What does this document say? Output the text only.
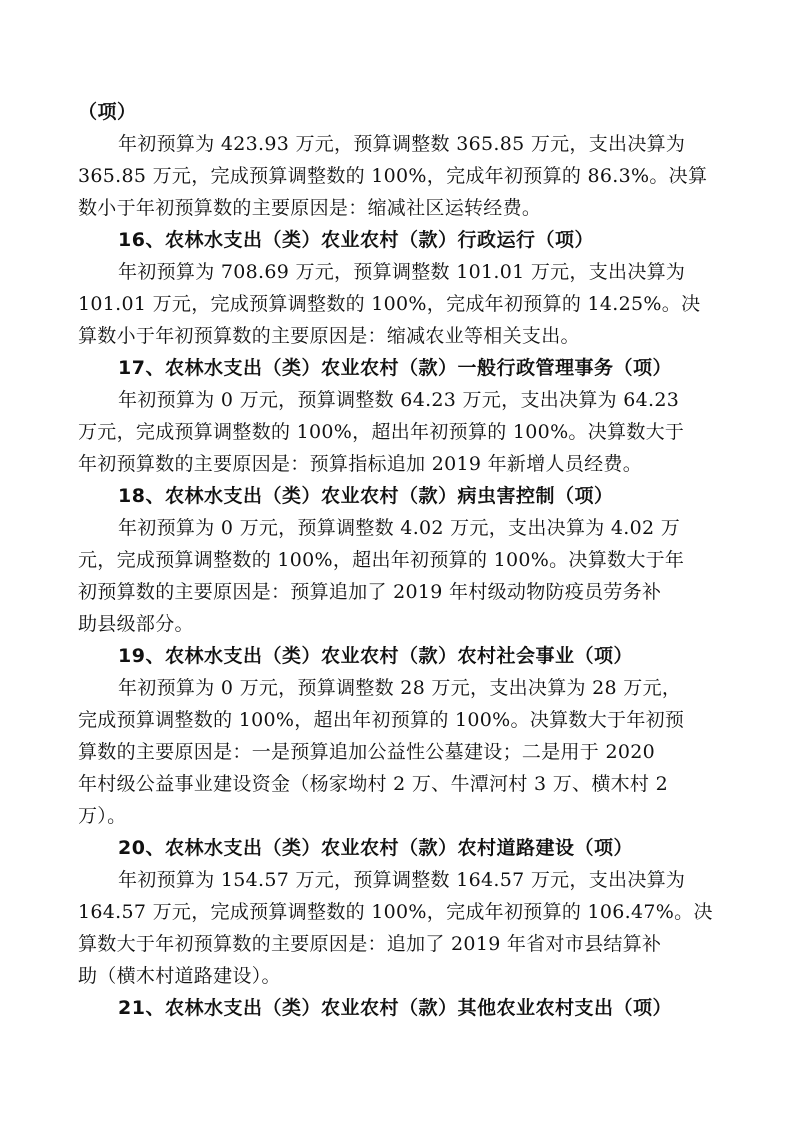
（项）
年初预算为 423.93 万元，预算调整数 365.85 万元，支出决算为
365.85 万元，完成预算调整数的 100%，完成年初预算的 86.3%。决算
数小于年初预算数的主要原因是：缩减社区运转经费。
16、农林水支出（类）农业农村（款）行政运行（项）
年初预算为 708.69 万元，预算调整数 101.01 万元，支出决算为
101.01 万元，完成预算调整数的 100%，完成年初预算的 14.25%。决
算数小于年初预算数的主要原因是：缩减农业等相关支出。
17、农林水支出（类）农业农村（款）一般行政管理事务（项）
年初预算为 0 万元，预算调整数 64.23 万元，支出决算为 64.23
万元，完成预算调整数的 100%，超出年初预算的 100%。决算数大于
年初预算数的主要原因是：预算指标追加 2019 年新增人员经费。
18、农林水支出（类）农业农村（款）病虫害控制（项）
年初预算为 0 万元，预算调整数 4.02 万元，支出决算为 4.02 万
元，完成预算调整数的 100%，超出年初预算的 100%。决算数大于年
初预算数的主要原因是：预算追加了 2019 年村级动物防疫员劳务补
助县级部分。
19、农林水支出（类）农业农村（款）农村社会事业（项）
年初预算为 0 万元，预算调整数 28 万元，支出决算为 28 万元，
完成预算调整数的 100%，超出年初预算的 100%。决算数大于年初预
算数的主要原因是：一是预算追加公益性公墓建设；二是用于 2020
年村级公益事业建设资金（杨家坳村 2 万、牛潭河村 3 万、横木村 2
万）。
20、农林水支出（类）农业农村（款）农村道路建设（项）
年初预算为 154.57 万元，预算调整数 164.57 万元，支出决算为
164.57 万元，完成预算调整数的 100%，完成年初预算的 106.47%。决
算数大于年初预算数的主要原因是：追加了 2019 年省对市县结算补
助（横木村道路建设）。
21、农林水支出（类）农业农村（款）其他农业农村支出（项）
